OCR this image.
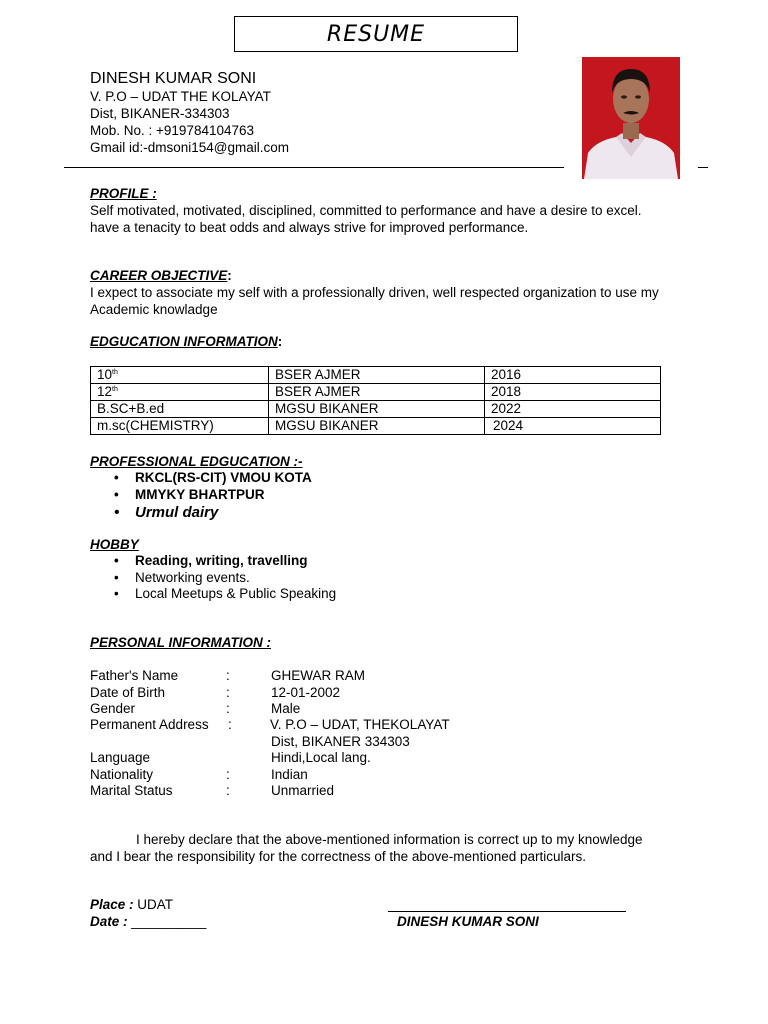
RESUME
DINESH KUMAR SONI
V. P.O – UDAT THE KOLAYAT
Dist, BIKANER-334303
Mob. No. : +919784104763
Gmail id:-dmsoni154@gmail.com
PROFILE :
Self motivated, motivated, disciplined, committed to performance and have a desire to excel.
have a tenacity to beat odds and always strive for improved performance.
CAREER OBJECTIVE:
I expect to associate my self with a professionally driven, well respected organization to use my
Academic knowladge
EDGUCATION INFORMATION:
10th	BSER AJMER	2016
12th	BSER AJMER	2018
B.SC+B.ed	MGSU BIKANER	2022
m.sc(CHEMISTRY)	MGSU BIKANER	2024
PROFESSIONAL EDGUCATION :-
• RKCL(RS-CIT) VMOU KOTA
• MMYKY BHARTPUR
• Urmul dairy
HOBBY
• Reading, writing, travelling
• Networking events.
• Local Meetups & Public Speaking
PERSONAL INFORMATION :
Father's Name	:	GHEWAR RAM
Date of Birth	:	12-01-2002
Gender	:	Male
Permanent Address :	V. P.O – UDAT, THEKOLAYAT
Dist, BIKANER 334303
Language	Hindi,Local lang.
Nationality	:	Indian
Marital Status	:	Unmarried
I hereby declare that the above-mentioned information is correct up to my knowledge
and I bear the responsibility for the correctness of the above-mentioned particulars.
Place : UDAT
Date : __________	DINESH KUMAR SONI
